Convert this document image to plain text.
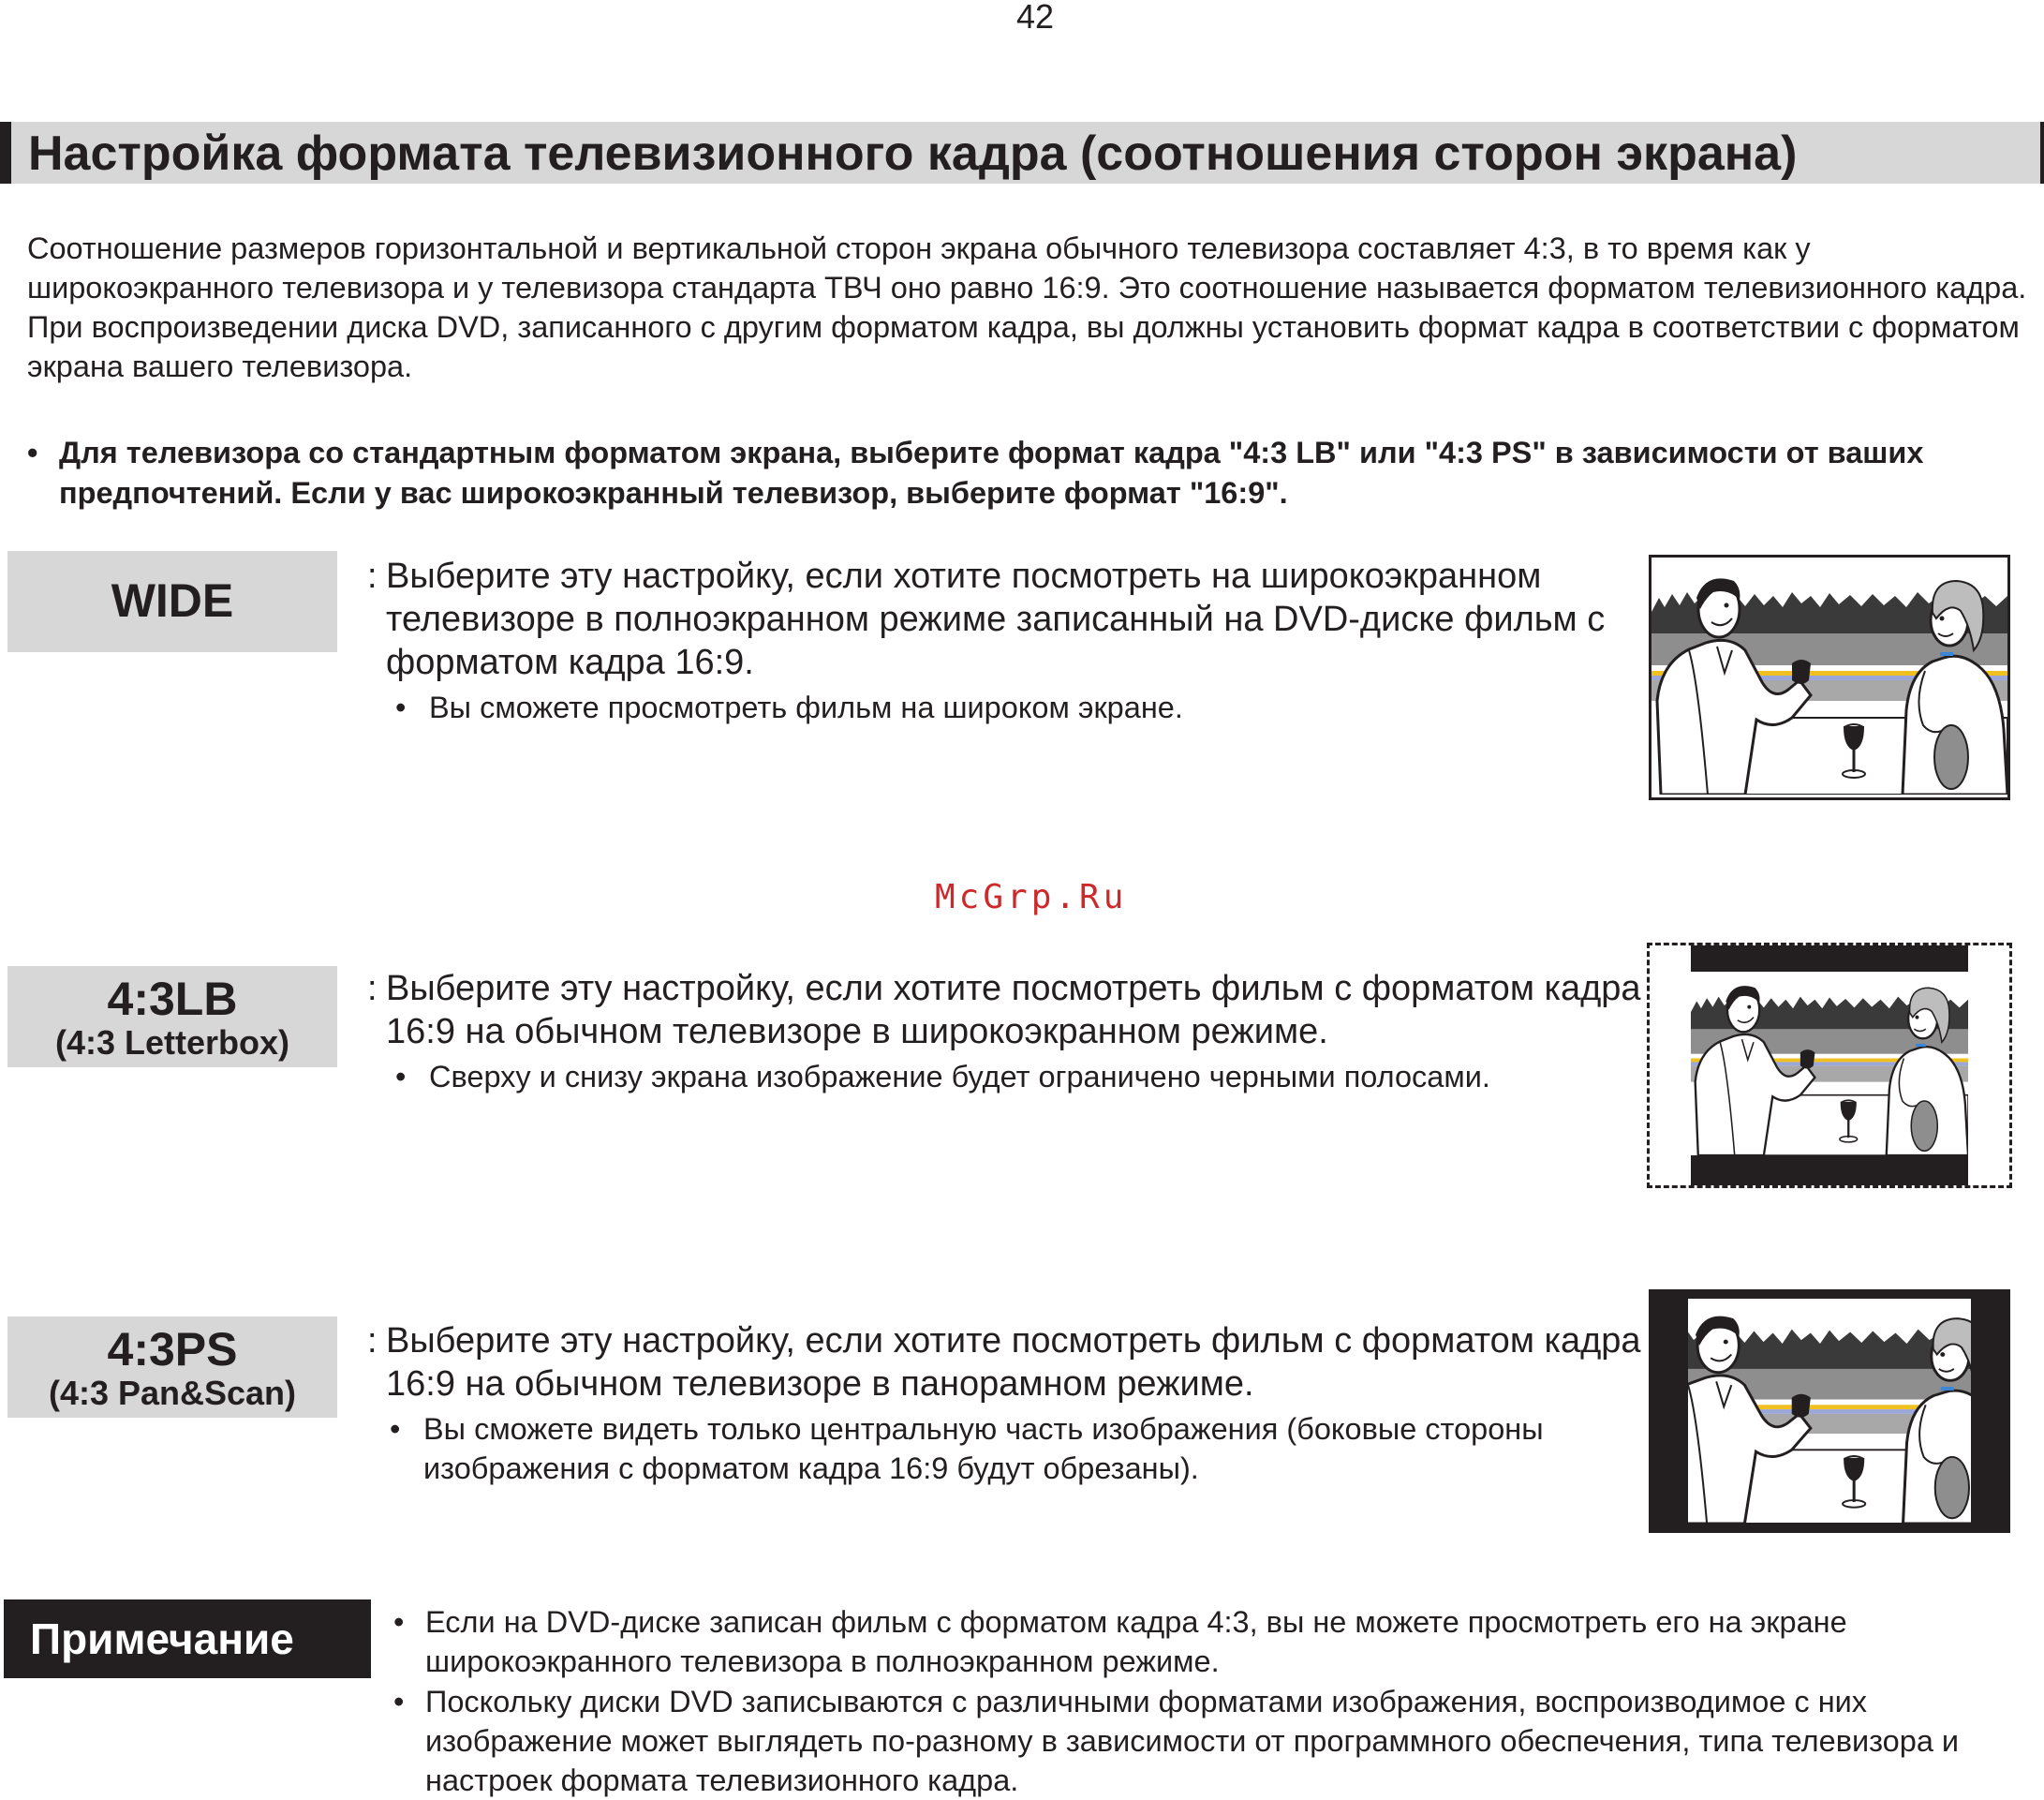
42
Настройка формата телевизионного кадра (соотношения сторон экрана)

Соотношение размеров горизонтальной и вертикальной сторон экрана обычного телевизора составляет 4:3, в то время как у широкоэкранного телевизора и у телевизора стандарта ТВЧ оно равно 16:9. Это соотношение называется форматом телевизионного кадра. При воспроизведении диска DVD, записанного с другим форматом кадра, вы должны установить формат кадра в соответствии с форматом экрана вашего телевизора.

• Для телевизора со стандартным форматом экрана, выберите формат кадра "4:3 LB" или "4:3 PS" в зависимости от ваших предпочтений. Если у вас широкоэкранный телевизор, выберите формат "16:9".
WIDE	: Выберите эту настройку, если хотите посмотреть на широкоэкранном телевизоре в полноэкранном режиме записанный на DVD-диске фильм с форматом кадра 16:9.
• Вы сможете просмотреть фильм на широком экране.
McGrp.Ru
4:3LB
(4:3 Letterbox)
: Выберите эту настройку, если хотите посмотреть фильм с форматом кадра 16:9 на обычном телевизоре в широкоэкранном режиме.
• Сверху и снизу экрана изображение будет ограничено черными полосами.
4:3PS
(4:3 Pan&Scan)
: Выберите эту настройку, если хотите посмотреть фильм с форматом кадра 16:9 на обычном телевизоре в панорамном режиме.
• Вы сможете видеть только центральную часть изображения (боковые стороны изображения с форматом кадра 16:9 будут обрезаны).
Примечание	• Если на DVD-диске записан фильм с форматом кадра 4:3, вы не можете просмотреть его на экране широкоэкранного телевизора в полноэкранном режиме.
• Поскольку диски DVD записываются с различными форматами изображения, воспроизводимое с них изображение может выглядеть по-разному в зависимости от программного обеспечения, типа телевизора и настроек формата телевизионного кадра.
